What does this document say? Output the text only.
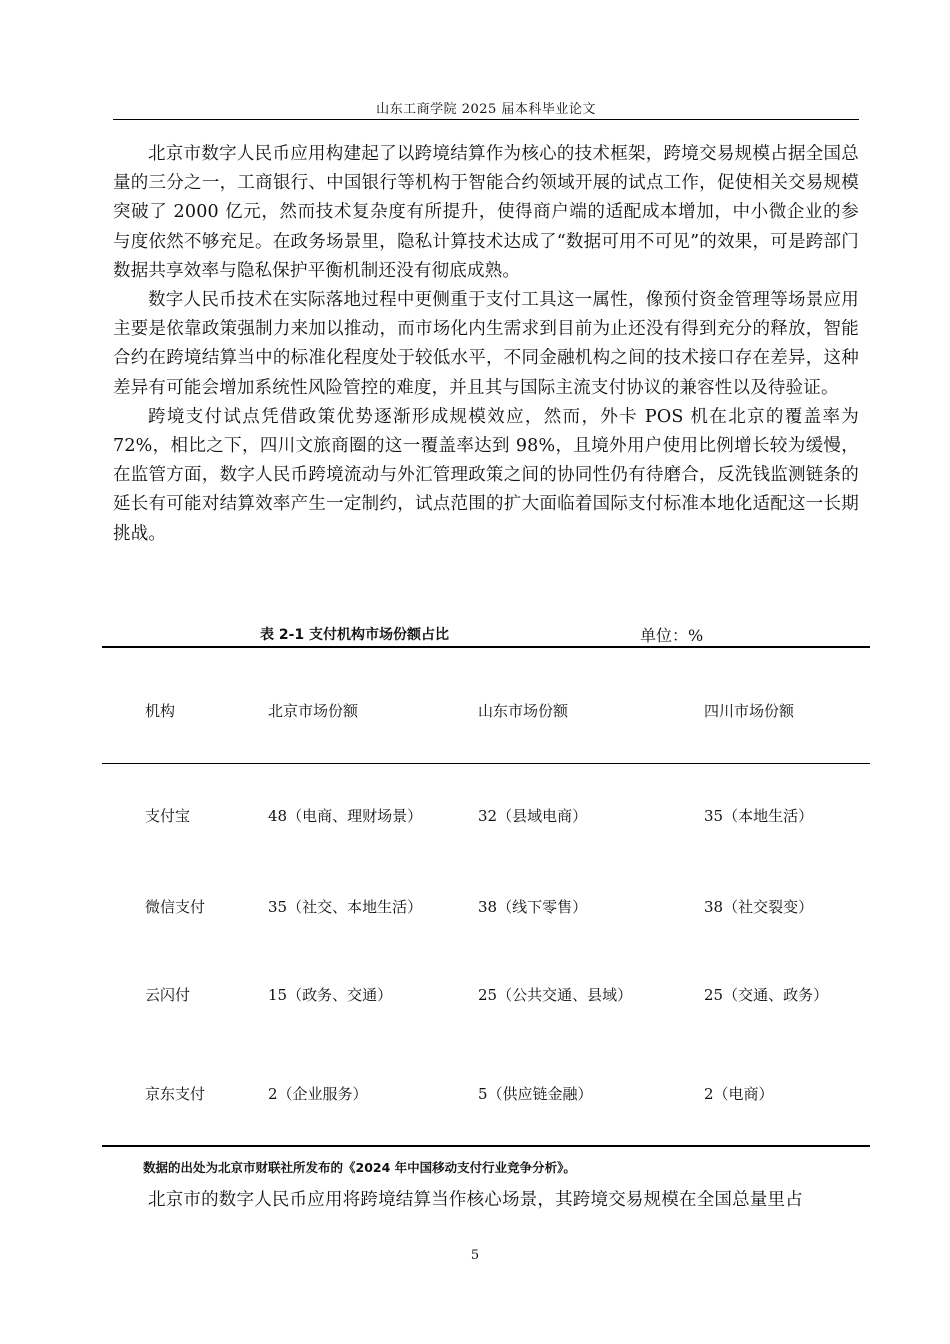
山东工商学院 2025 届本科毕业论文

北京市数字人民币应用构建起了以跨境结算作为核心的技术框架，跨境交易规模占据全国总量的三分之一，工商银行、中国银行等机构于智能合约领域开展的试点工作，促使相关交易规模突破了 2000 亿元，然而技术复杂度有所提升，使得商户端的适配成本增加，中小微企业的参与度依然不够充足。在政务场景里，隐私计算技术达成了“数据可用不可见”的效果，可是跨部门数据共享效率与隐私保护平衡机制还没有彻底成熟。

数字人民币技术在实际落地过程中更侧重于支付工具这一属性，像预付资金管理等场景应用主要是依靠政策强制力来加以推动，而市场化内生需求到目前为止还没有得到充分的释放，智能合约在跨境结算当中的标准化程度处于较低水平，不同金融机构之间的技术接口存在差异，这种差异有可能会增加系统性风险管控的难度，并且其与国际主流支付协议的兼容性以及待验证。

跨境支付试点凭借政策优势逐渐形成规模效应，然而，外卡 POS 机在北京的覆盖率为 72%，相比之下，四川文旅商圈的这一覆盖率达到 98%，且境外用户使用比例增长较为缓慢，在监管方面，数字人民币跨境流动与外汇管理政策之间的协同性仍有待磨合，反洗钱监测链条的延长有可能对结算效率产生一定制约，试点范围的扩大面临着国际支付标准本地化适配这一长期挑战。

表 2-1 支付机构市场份额占比	单位：%
机构	北京市场份额	山东市场份额	四川市场份额
支付宝	48（电商、理财场景）	32（县域电商）	35（本地生活）
微信支付	35（社交、本地生活）	38（线下零售）	38（社交裂变）
云闪付	15（政务、交通）	25（公共交通、县域）	25（交通、政务）
京东支付	2（企业服务）	5（供应链金融）	2（电商）
数据的出处为北京市财联社所发布的《2024 年中国移动支付行业竞争分析》。

北京市的数字人民币应用将跨境结算当作核心场景，其跨境交易规模在全国总量里占

5
